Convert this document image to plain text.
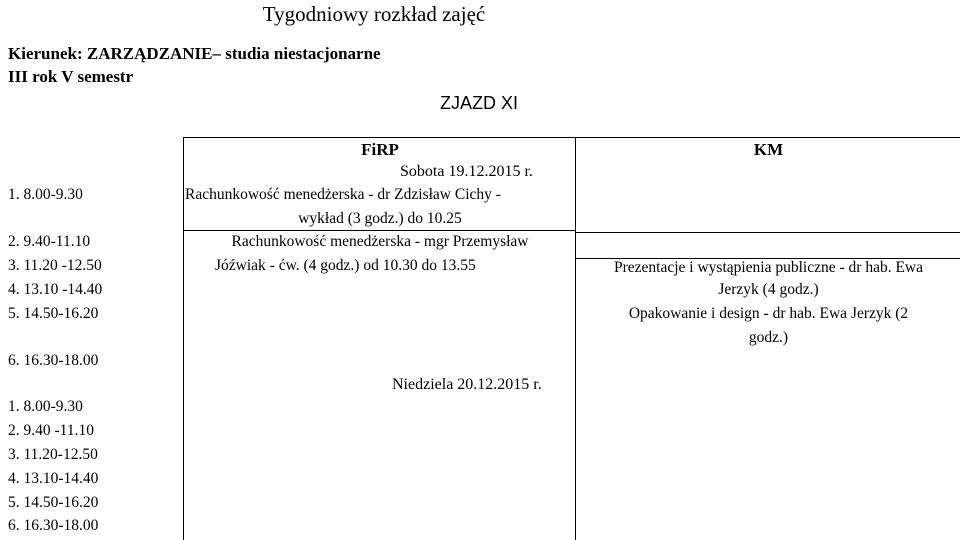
Tygodniowy rozkład zajęć
Kierunek: ZARZĄDZANIE– studia niestacjonarne
III rok V semestr
ZJAZD XI
FiRP	KM
Sobota 19.12.2015 r.
1. 8.00-9.30
2. 9.40-11.10
3. 11.20 -12.50
4. 13.10 -14.40
5. 14.50-16.20
6. 16.30-18.00
Rachunkowość menedżerska - dr Zdzisław Cichy -
wykład (3 godz.) do 10.25
Rachunkowość menedżerska - mgr Przemysław
Jóźwiak - ćw. (4 godz.) od 10.30 do 13.55	Prezentacje i wystąpienia publiczne - dr hab. Ewa
Jerzyk (4 godz.)
Opakowanie i design - dr hab. Ewa Jerzyk (2
godz.)
Niedziela 20.12.2015 r.
1. 8.00-9.30
2. 9.40 -11.10
3. 11.20-12.50
4. 13.10-14.40
5. 14.50-16.20
6. 16.30-18.00
